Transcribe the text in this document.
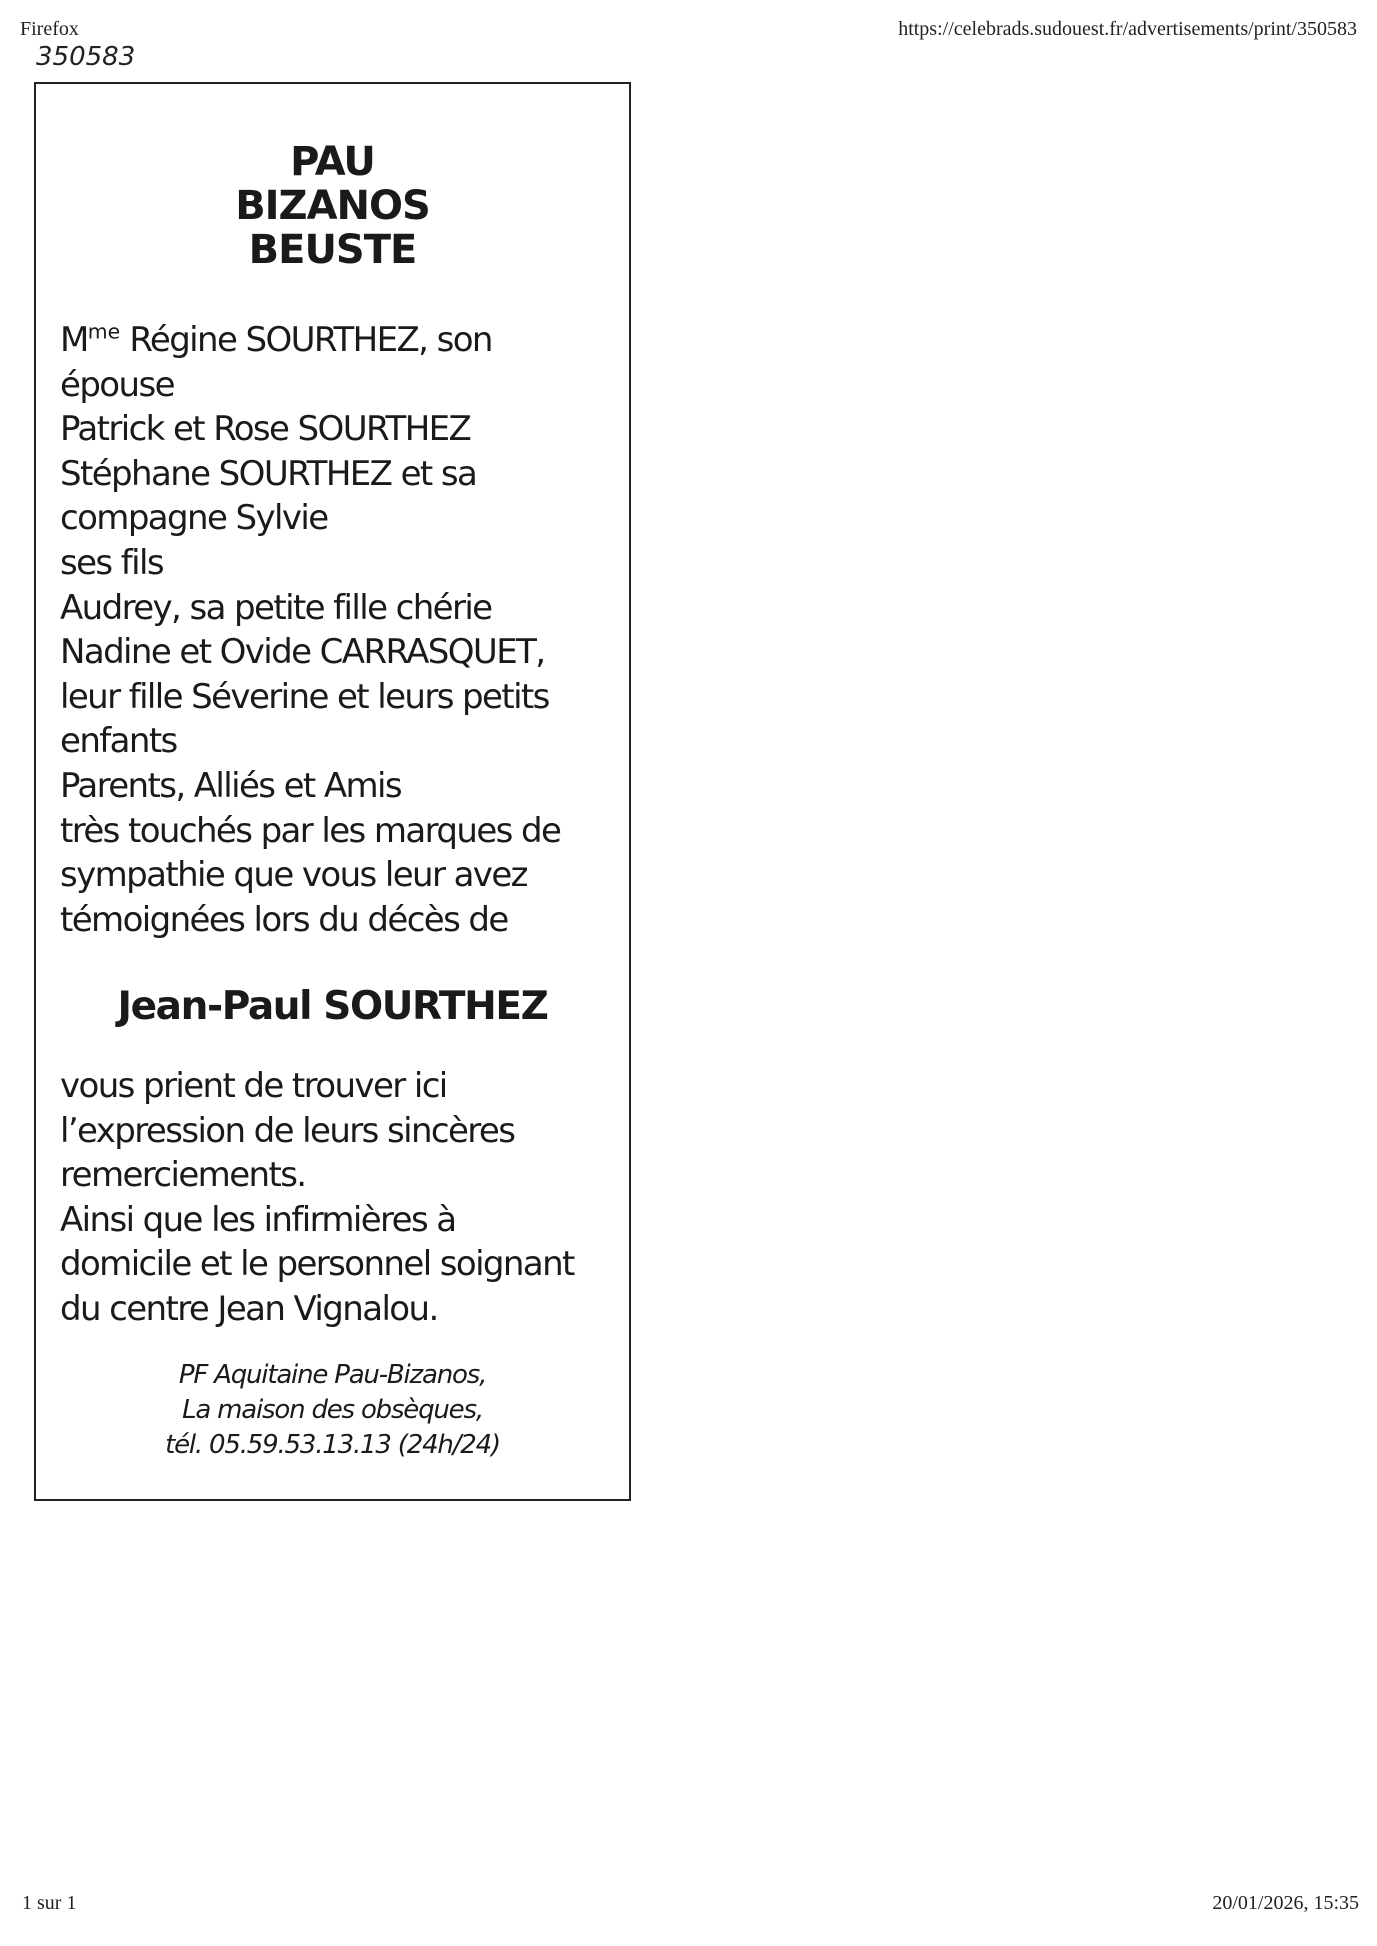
Firefox	https://celebrads.sudouest.fr/advertisements/print/350583
350583
PAU
BIZANOS
BEUSTE
$M^{me}$ Régine SOURTHEZ, son
épouse
Patrick et Rose SOURTHEZ
Stéphane SOURTHEZ et sa
compagne Sylvie
ses fils
Audrey, sa petite fille chérie
Nadine et Ovide CARRASQUET,
leur fille Séverine et leurs petits
enfants
Parents, Alliés et Amis
très touchés par les marques de
sympathie que vous leur avez
témoignées lors du décès de
Jean-Paul SOURTHEZ
vous prient de trouver ici
l’expression de leurs sincères
remerciements.
Ainsi que les infirmières à
domicile et le personnel soignant
du centre Jean Vignalou.
PF Aquitaine Pau-Bizanos,
La maison des obsèques,
tél. 05.59.53.13.13 (24h/24)
1 sur 1	20/01/2026, 15:35
